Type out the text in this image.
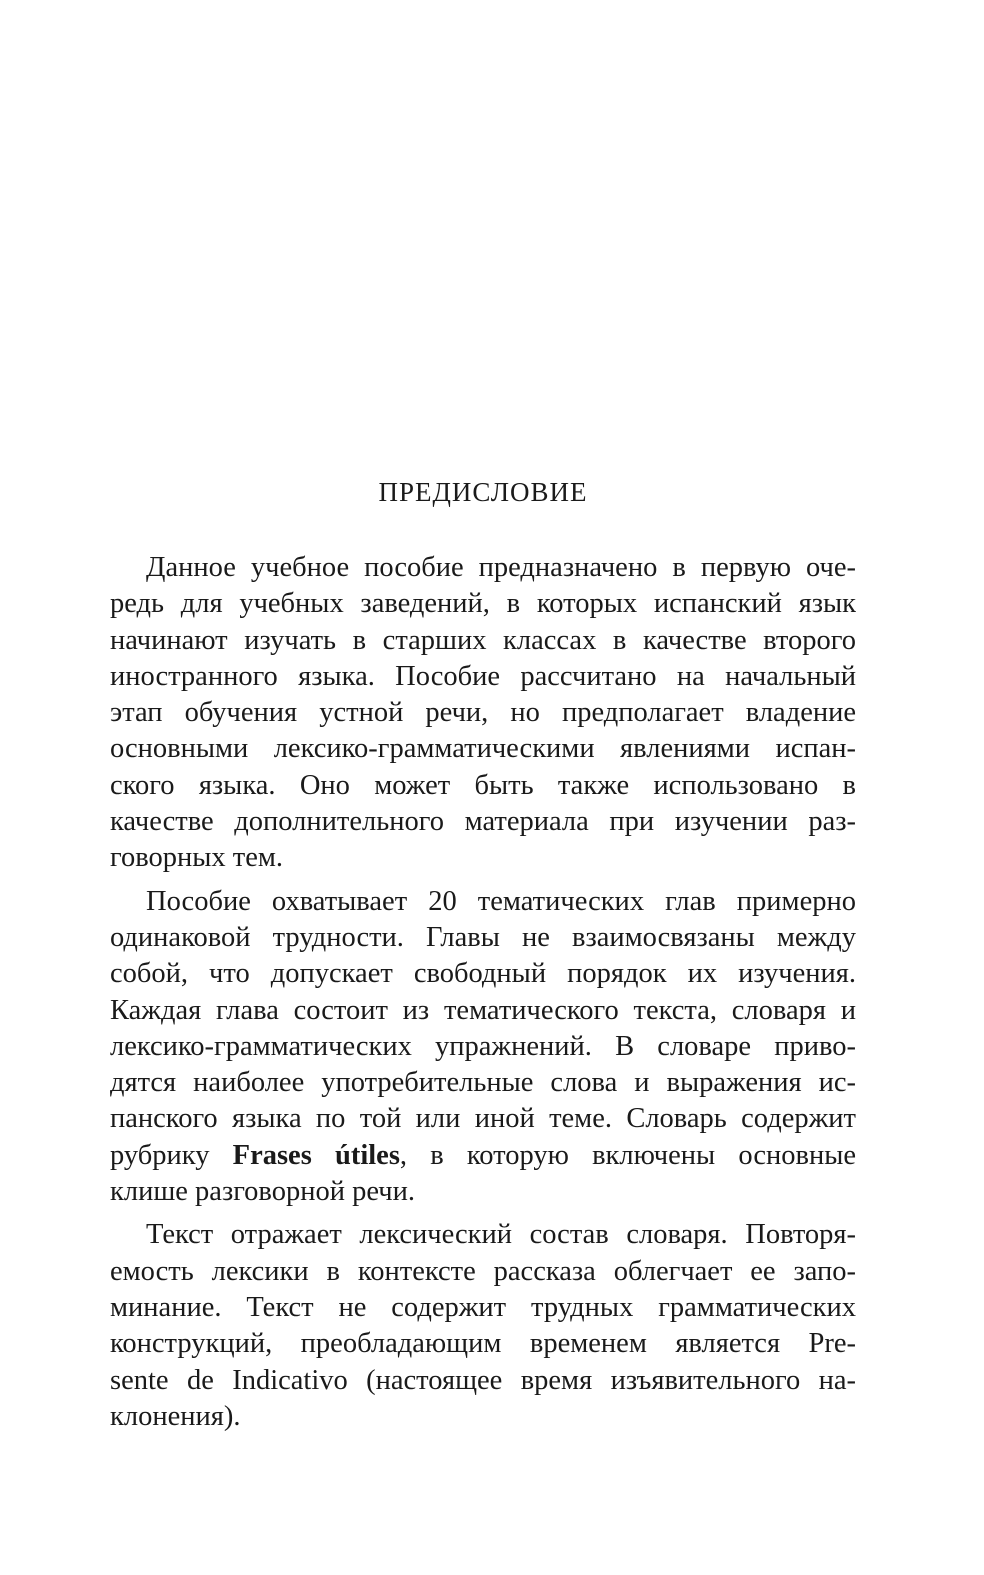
ПРЕДИСЛОВИЕ

Данное учебное пособие предназначено в первую оче-
редь для учебных заведений, в которых испанский язык
начинают изучать в старших классах в качестве второго
иностранного языка. Пособие рассчитано на начальный
этап обучения устной речи, но предполагает владение
основными лексико-грамматическими явлениями испан-
ского языка. Оно может быть также использовано в
качестве дополнительного материала при изучении раз-
говорных тем.

Пособие охватывает 20 тематических глав примерно
одинаковой трудности. Главы не взаимосвязаны между
собой, что допускает свободный порядок их изучения.
Каждая глава состоит из тематического текста, словаря и
лексико-грамматических упражнений. В словаре приво-
дятся наиболее употребительные слова и выражения ис-
панского языка по той или иной теме. Словарь содержит
рубрику Frases útiles, в которую включены основные
клише разговорной речи.

Текст отражает лексический состав словаря. Повторя-
емость лексики в контексте рассказа облегчает ее запо-
минание. Текст не содержит трудных грамматических
конструкций, преобладающим временем является Pre-
sente de Indicativo (настоящее время изъявительного на-
клонения).
